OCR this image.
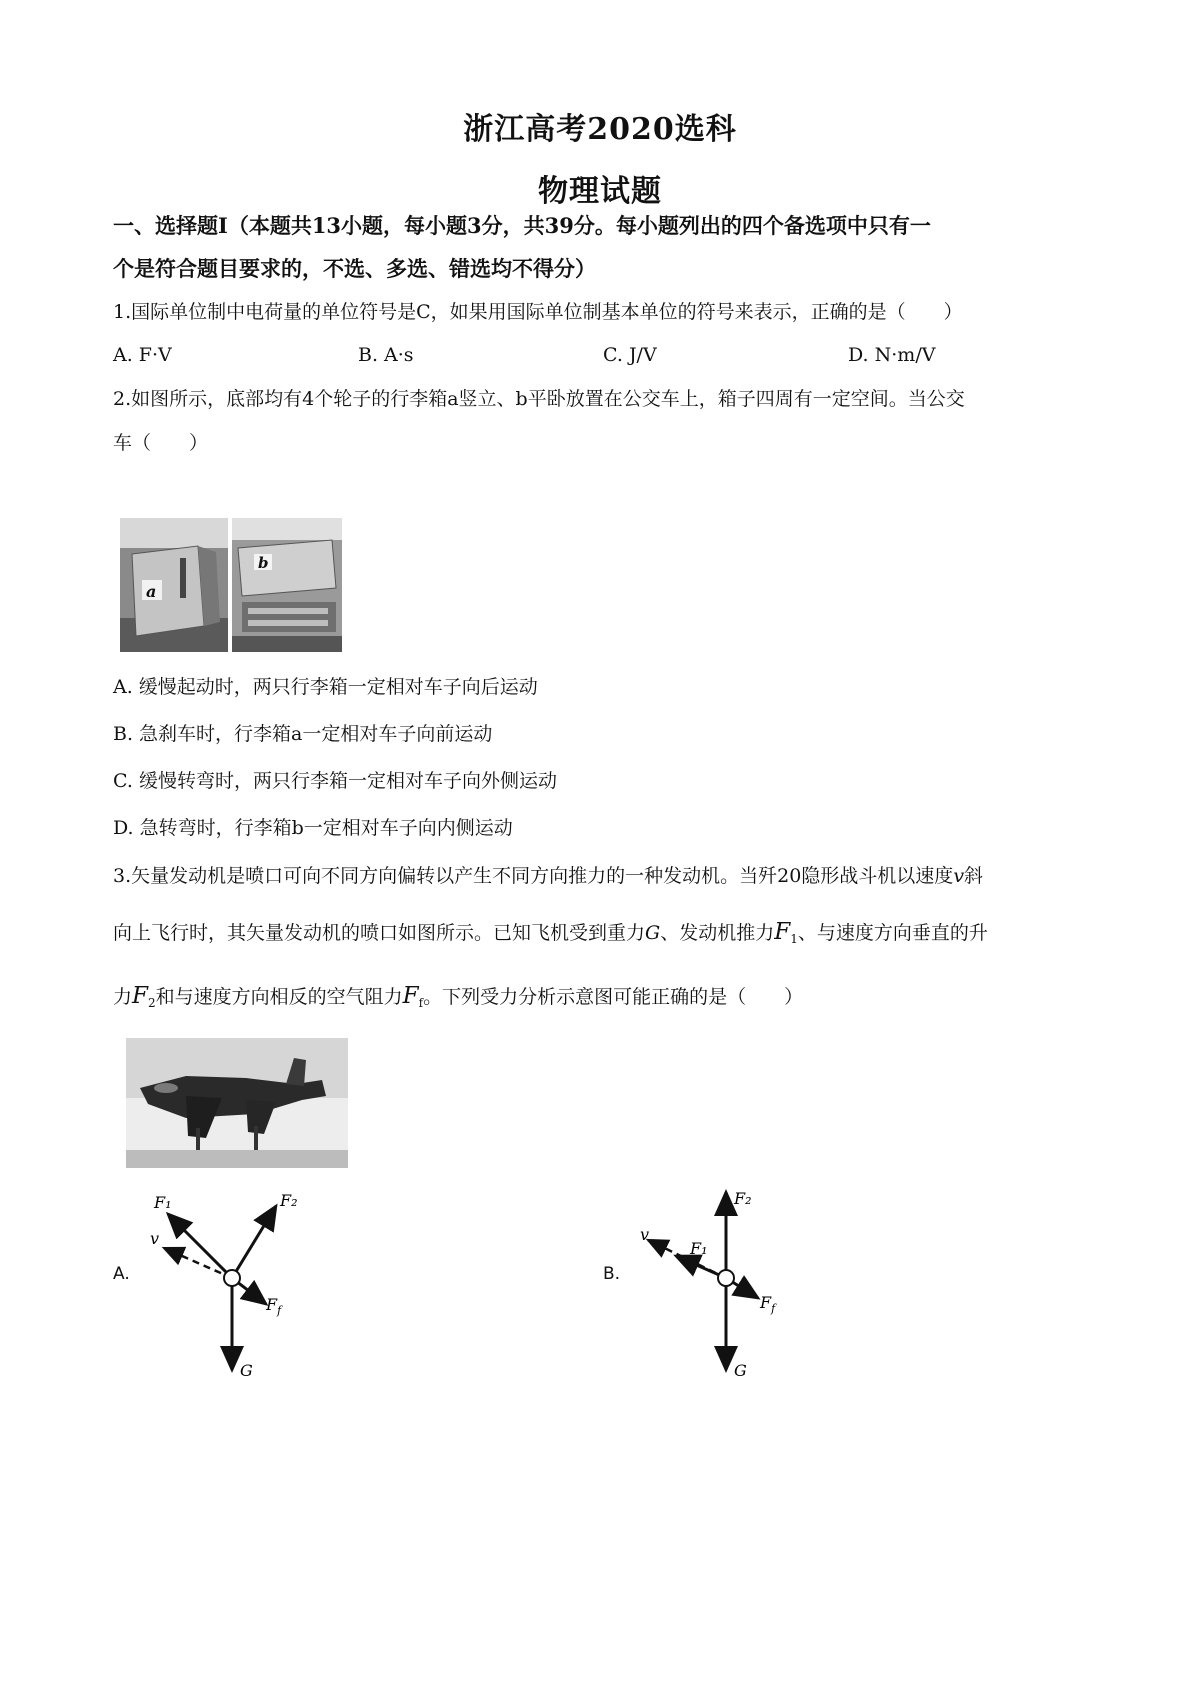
浙江高考2020选科
物理试题
一、选择题Ⅰ（本题共13小题，每小题3分，共39分。每小题列出的四个备选项中只有一
个是符合题目要求的，不选、多选、错选均不得分）
1.国际单位制中电荷量的单位符号是C，如果用国际单位制基本单位的符号来表示，正确的是（　　）
A. F·V	B. A·s	C. J/V	D. N·m/V
2.如图所示，底部均有4个轮子的行李箱a竖立、b平卧放置在公交车上，箱子四周有一定空间。当公交
车（　　）
a
b
A. 缓慢起动时，两只行李箱一定相对车子向后运动
B. 急刹车时，行李箱a一定相对车子向前运动
C. 缓慢转弯时，两只行李箱一定相对车子向外侧运动
D. 急转弯时，行李箱b一定相对车子向内侧运动
3.矢量发动机是喷口可向不同方向偏转以产生不同方向推力的一种发动机。当歼20隐形战斗机以速度v斜
向上飞行时，其矢量发动机的喷口如图所示。已知飞机受到重力G、发动机推力$F_1$、与速度方向垂直的升
力$F_2$和与速度方向相反的空气阻力$F_f$。下列受力分析示意图可能正确的是（　　）
A.
F₁	F₂
v
$F_f$
G
B.
F₂
F₁
v
$F_f$
G
